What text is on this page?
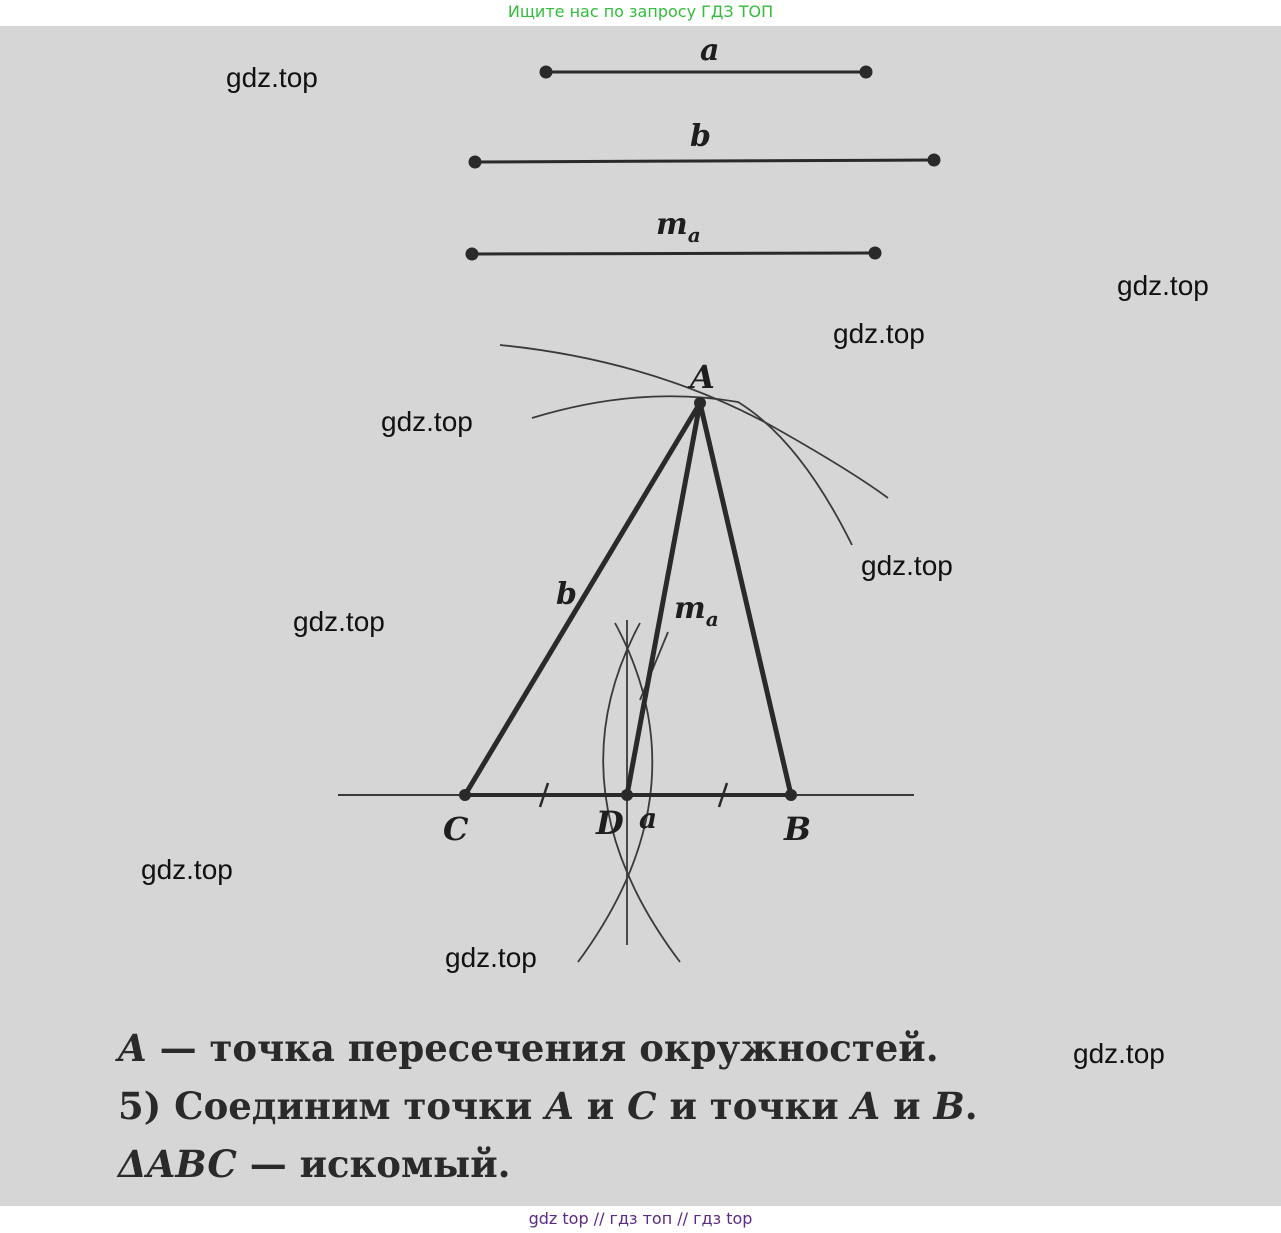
Ищите нас по запросу ГДЗ ТОП
a
b
ma
A
C	B
D a
b	ma
A — точка пересечения окружностей.
5) Соединим точки A и C и точки A и B.
ΔABC — искомый.
gdz.top
gdz.top
gdz.top
gdz.top
gdz.top
gdz.top
gdz.top
gdz.top
gdz.top
gdz top // гдз топ // гдз top
